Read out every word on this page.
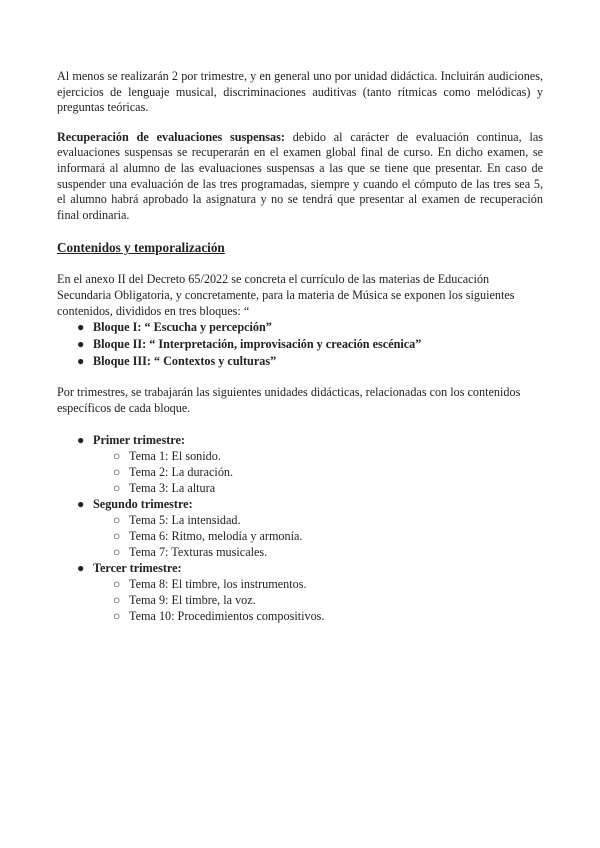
Al menos se realizarán 2 por trimestre, y en general uno por unidad didáctica. Incluirán audiciones, ejercicios de lenguaje musical, discriminaciones auditivas (tanto rítmicas como melódicas) y preguntas teóricas.

Recuperación de evaluaciones suspensas: debido al carácter de evaluación continua, las evaluaciones suspensas se recuperarán en el examen global final de curso. En dicho examen, se informará al alumno de las evaluaciones suspensas a las que se tiene que presentar. En caso de suspender una evaluación de las tres programadas, siempre y cuando el cómputo de las tres sea 5, el alumno habrá aprobado la asignatura y no se tendrá que presentar al examen de recuperación final ordinaria.

Contenidos y temporalización

En el anexo II del Decreto 65/2022 se concreta el currículo de las materias de Educación Secundaria Obligatoria, y concretamente, para la materia de Música se exponen los siguientes contenidos, divididos en tres bloques: “

● Bloque I: “ Escucha y percepción”
● Bloque II: “ Interpretación, improvisación y creación escénica”
● Bloque III: “ Contextos y culturas”

Por trimestres, se trabajarán las siguientes unidades didácticas, relacionadas con los contenidos específicos de cada bloque.

● Primer trimestre:
○ Tema 1: El sonido.
○ Tema 2: La duración.
○ Tema 3: La altura
● Segundo trimestre:
○ Tema 5: La intensidad.
○ Tema 6: Ritmo, melodía y armonía.
○ Tema 7: Texturas musicales.
● Tercer trimestre:
○ Tema 8: El timbre, los instrumentos.
○ Tema 9: El timbre, la voz.
○ Tema 10: Procedimientos compositivos.
